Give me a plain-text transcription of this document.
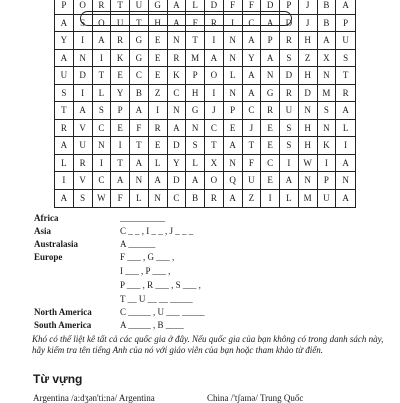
P	O	R	T	U	G	A	L	D	F	F	D	P	J	B	A
A	S	O	U	T	H	A	F	R	I	C	A	D	J	B	P
Y	I	A	R	G	E	N	T	I	N	A	P	R	H	A	U
A	N	I	K	G	E	R	M	A	N	Y	A	S	Z	X	S
U	D	T	E	C	E	K	P	O	L	A	N	D	H	N	T
S	I	L	Y	B	Z	C	H	I	N	A	G	R	D	M	R
T	A	S	P	A	I	N	G	J	P	C	R	U	N	S	A
R	V	C	E	F	R	A	N	C	E	J	E	S	H	N	L
A	U	N	I	T	E	D	S	T	A	T	E	S	H	K	I
L	R	I	T	A	L	Y	L	X	N	F	C	I	W	I	A
I	V	C	A	N	A	D	A	O	Q	U	E	A	N	P	N
A	S	W	F	L	N	C	B	R	A	Z	I	L	M	U	A
Africa	__________
Asia	C _ _ , I _ _ , J _ _ _
Australasia	A ______
Europe	F ___ , G ___ ,
I ___ , P ___ ,
P ___ , R ___ , S ___ ,
T __ U __ __ _____
North America	C _____ , U ___ _____
South America	A _____ , B ____
Khó có thể liệt kê tất cả các quốc gia ở đây. Nếu quốc gia của bạn không có trong danh sách này, hãy kiểm tra tên tiếng Anh của nó với giáo viên của bạn hoặc tham khảo từ điển.
Từ vựng
Argentina /a:dʒən'ti:nə/ Argentina	China /'tʃaɪnə/ Trung Quốc
